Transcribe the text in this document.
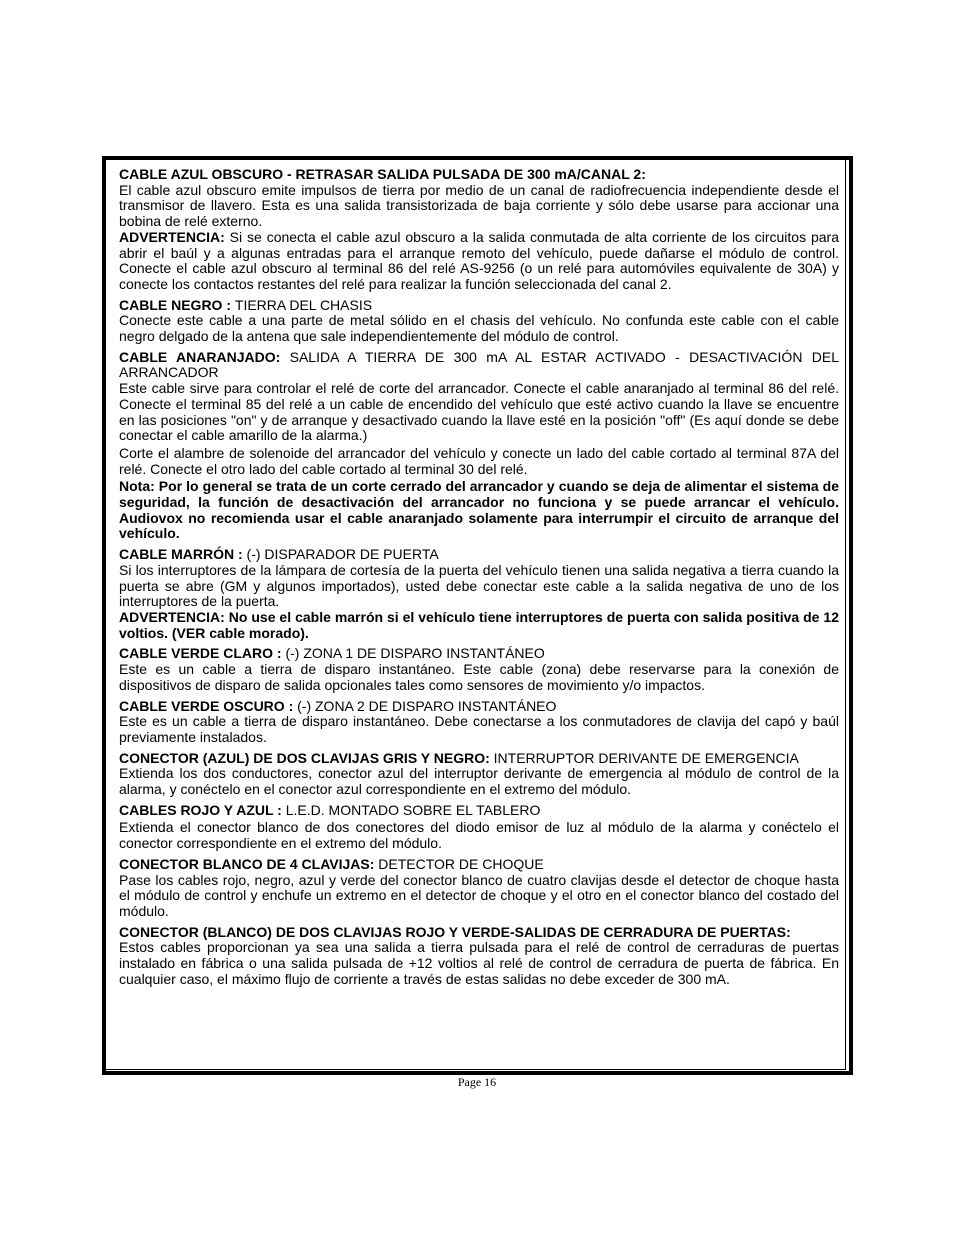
CABLE AZUL OBSCURO - RETRASAR SALIDA PULSADA DE 300 mA/CANAL 2:

El cable azul obscuro emite impulsos de tierra por medio de un canal de radiofrecuencia independiente desde el transmisor de llavero. Esta es una salida transistorizada de baja corriente y sólo debe usarse para accionar una bobina de relé externo.

ADVERTENCIA: Si se conecta el cable azul obscuro a la salida conmutada de alta corriente de los circuitos para abrir el baúl y a algunas entradas para el arranque remoto del vehículo, puede dañarse el módulo de control. Conecte el cable azul obscuro al terminal 86 del relé AS-9256 (o un relé para automóviles equivalente de 30A) y conecte los contactos restantes del relé para realizar la función seleccionada del canal 2.

CABLE NEGRO : TIERRA DEL CHASIS

Conecte este cable a una parte de metal sólido en el chasis del vehículo. No confunda este cable con el cable negro delgado de la antena que sale independientemente del módulo de control.

CABLE ANARANJADO: SALIDA A TIERRA DE 300 mA AL ESTAR ACTIVADO - DESACTIVACIÓN DEL ARRANCADOR

Este cable sirve para controlar el relé de corte del arrancador. Conecte el cable anaranjado al terminal 86 del relé. Conecte el terminal 85 del relé a un cable de encendido del vehículo que esté activo cuando la llave se encuentre en las posiciones "on" y de arranque y desactivado cuando la llave esté en la posición "off" (Es aquí donde se debe conectar el cable amarillo de la alarma.)

Corte el alambre de solenoide del arrancador del vehículo y conecte un lado del cable cortado al terminal 87A del relé. Conecte el otro lado del cable cortado al terminal 30 del relé.

Nota: Por lo general se trata de un corte cerrado del arrancador y cuando se deja de alimentar el sistema de seguridad, la función de desactivación del arrancador no funciona y se puede arrancar el vehículo. Audiovox no recomienda usar el cable anaranjado solamente para interrumpir el circuito de arranque del vehículo.

CABLE MARRÓN : (-) DISPARADOR DE PUERTA

Si los interruptores de la lámpara de cortesía de la puerta del vehículo tienen una salida negativa a tierra cuando la puerta se abre (GM y algunos importados), usted debe conectar este cable a la salida negativa de uno de los interruptores de la puerta.

ADVERTENCIA: No use el cable marrón si el vehículo tiene interruptores de puerta con salida positiva de 12 voltios. (VER cable morado).

CABLE VERDE CLARO : (-) ZONA 1 DE DISPARO INSTANTÁNEO

Este es un cable a tierra de disparo instantáneo. Este cable (zona) debe reservarse para la conexión de dispositivos de disparo de salida opcionales tales como sensores de movimiento y/o impactos.

CABLE VERDE OSCURO : (-) ZONA 2 DE DISPARO INSTANTÁNEO

Este es un cable a tierra de disparo instantáneo. Debe conectarse a los conmutadores de clavija del capó y baúl previamente instalados.

CONECTOR (AZUL) DE DOS CLAVIJAS GRIS Y NEGRO: INTERRUPTOR DERIVANTE DE EMERGENCIA

Extienda los dos conductores, conector azul del interruptor derivante de emergencia al módulo de control de la alarma, y conéctelo en el conector azul correspondiente en el extremo del módulo.

CABLES ROJO Y AZUL : L.E.D. MONTADO SOBRE EL TABLERO

Extienda el conector blanco de dos conectores del diodo emisor de luz al módulo de la alarma y conéctelo el conector correspondiente en el extremo del módulo.

CONECTOR BLANCO DE 4 CLAVIJAS: DETECTOR DE CHOQUE

Pase los cables rojo, negro, azul y verde del conector blanco de cuatro clavijas desde el detector de choque hasta el módulo de control y enchufe un extremo en el detector de choque y el otro en el conector blanco del costado del módulo.

CONECTOR (BLANCO) DE DOS CLAVIJAS ROJO Y VERDE-SALIDAS DE CERRADURA DE PUERTAS:

Estos cables proporcionan ya sea una salida a tierra pulsada para el relé de control de cerraduras de puertas instalado en fábrica o una salida pulsada de +12 voltios al relé de control de cerradura de puerta de fábrica. En cualquier caso, el máximo flujo de corriente a través de estas salidas no debe exceder de 300 mA.

Page 16
